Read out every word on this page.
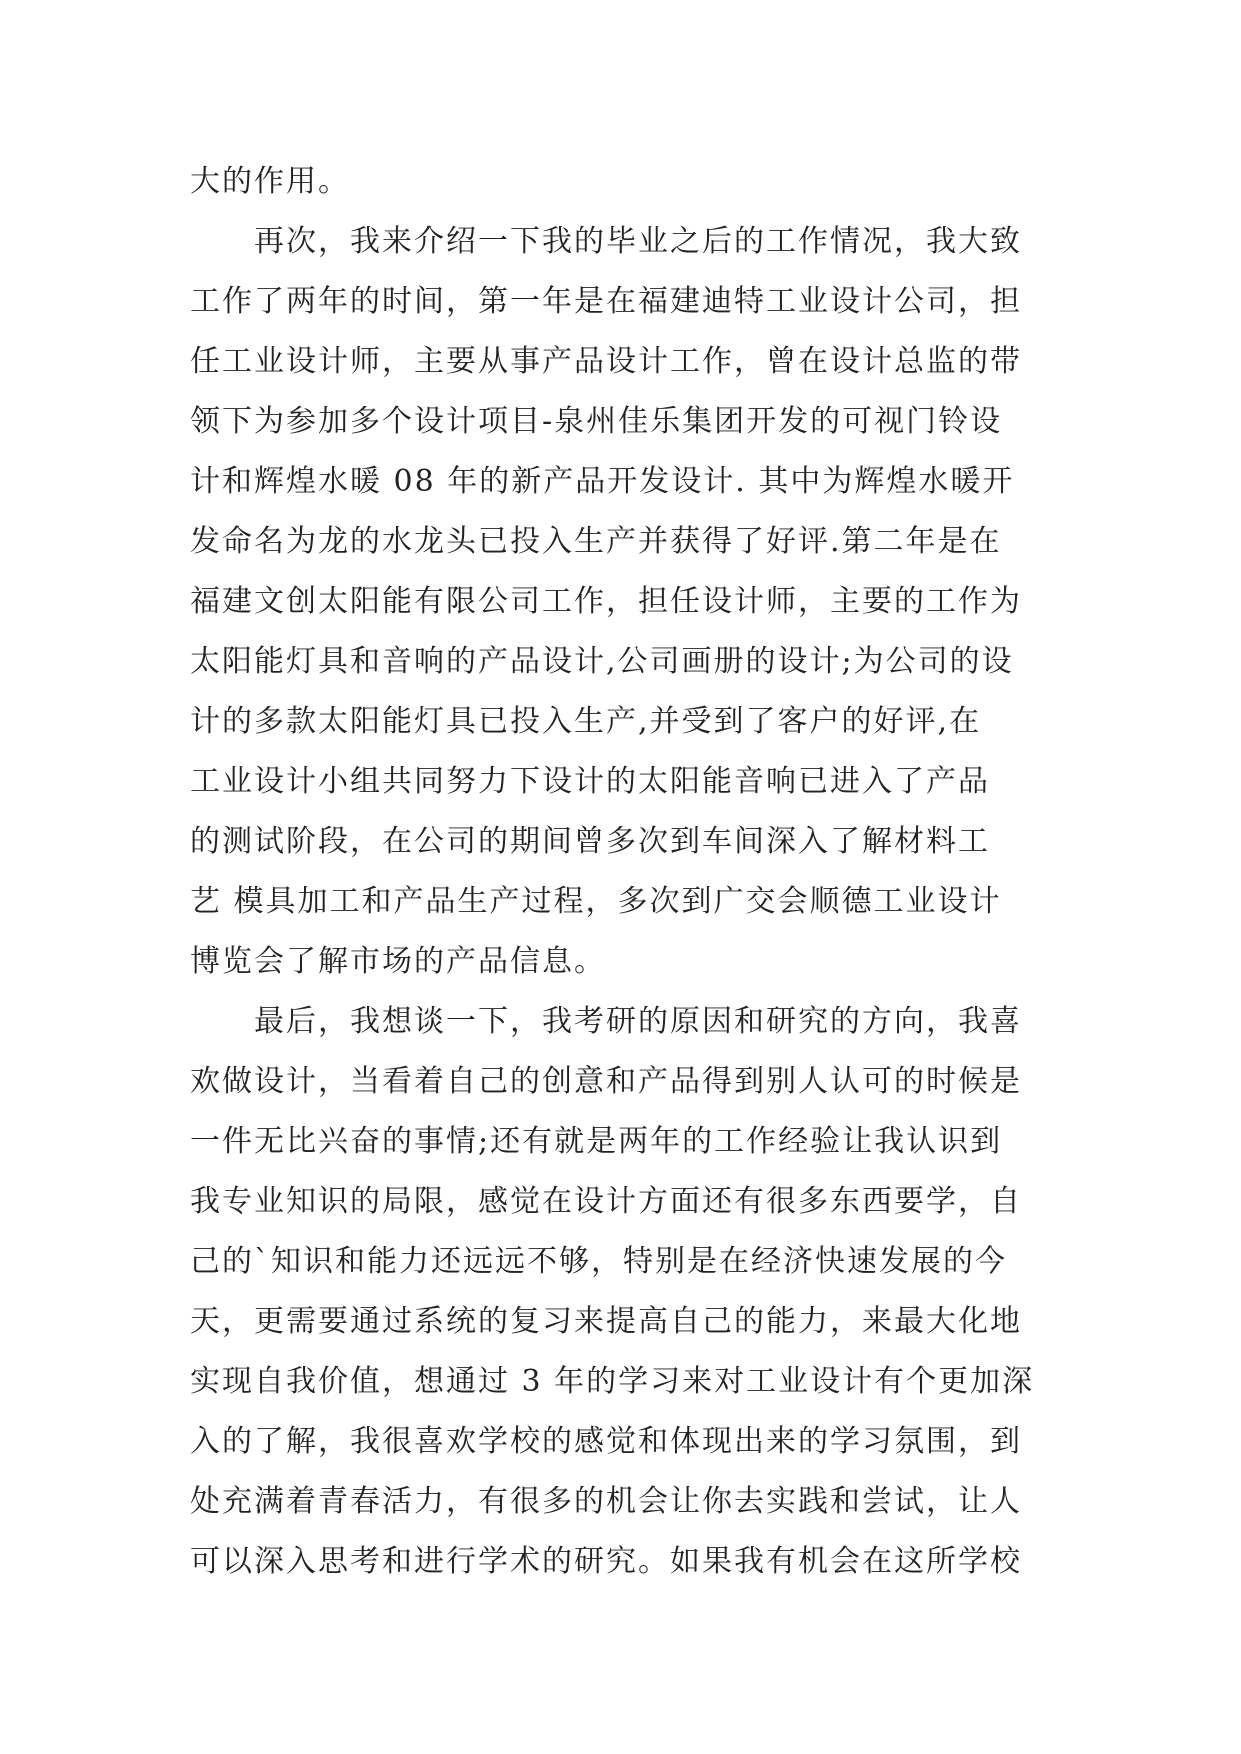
大的作用。
　　再次，我来介绍一下我的毕业之后的工作情况，我大致
工作了两年的时间，第一年是在福建迪特工业设计公司，担
任工业设计师，主要从事产品设计工作，曾在设计总监的带
领下为参加多个设计项目-泉州佳乐集团开发的可视门铃设
计和辉煌水暖 08 年的新产品开发设计. 其中为辉煌水暖开
发命名为龙的水龙头已投入生产并获得了好评.第二年是在
福建文创太阳能有限公司工作，担任设计师，主要的工作为
太阳能灯具和音响的产品设计,公司画册的设计;为公司的设
计的多款太阳能灯具已投入生产,并受到了客户的好评,在
工业设计小组共同努力下设计的太阳能音响已进入了产品
的测试阶段，在公司的期间曾多次到车间深入了解材料工
艺 模具加工和产品生产过程，多次到广交会顺德工业设计
博览会了解市场的产品信息。
　　最后，我想谈一下，我考研的原因和研究的方向，我喜
欢做设计，当看着自己的创意和产品得到别人认可的时候是
一件无比兴奋的事情;还有就是两年的工作经验让我认识到
我专业知识的局限，感觉在设计方面还有很多东西要学，自
己的`知识和能力还远远不够，特别是在经济快速发展的今
天，更需要通过系统的复习来提高自己的能力，来最大化地
实现自我价值，想通过 3 年的学习来对工业设计有个更加深
入的了解，我很喜欢学校的感觉和体现出来的学习氛围，到
处充满着青春活力，有很多的机会让你去实践和尝试，让人
可以深入思考和进行学术的研究。如果我有机会在这所学校
